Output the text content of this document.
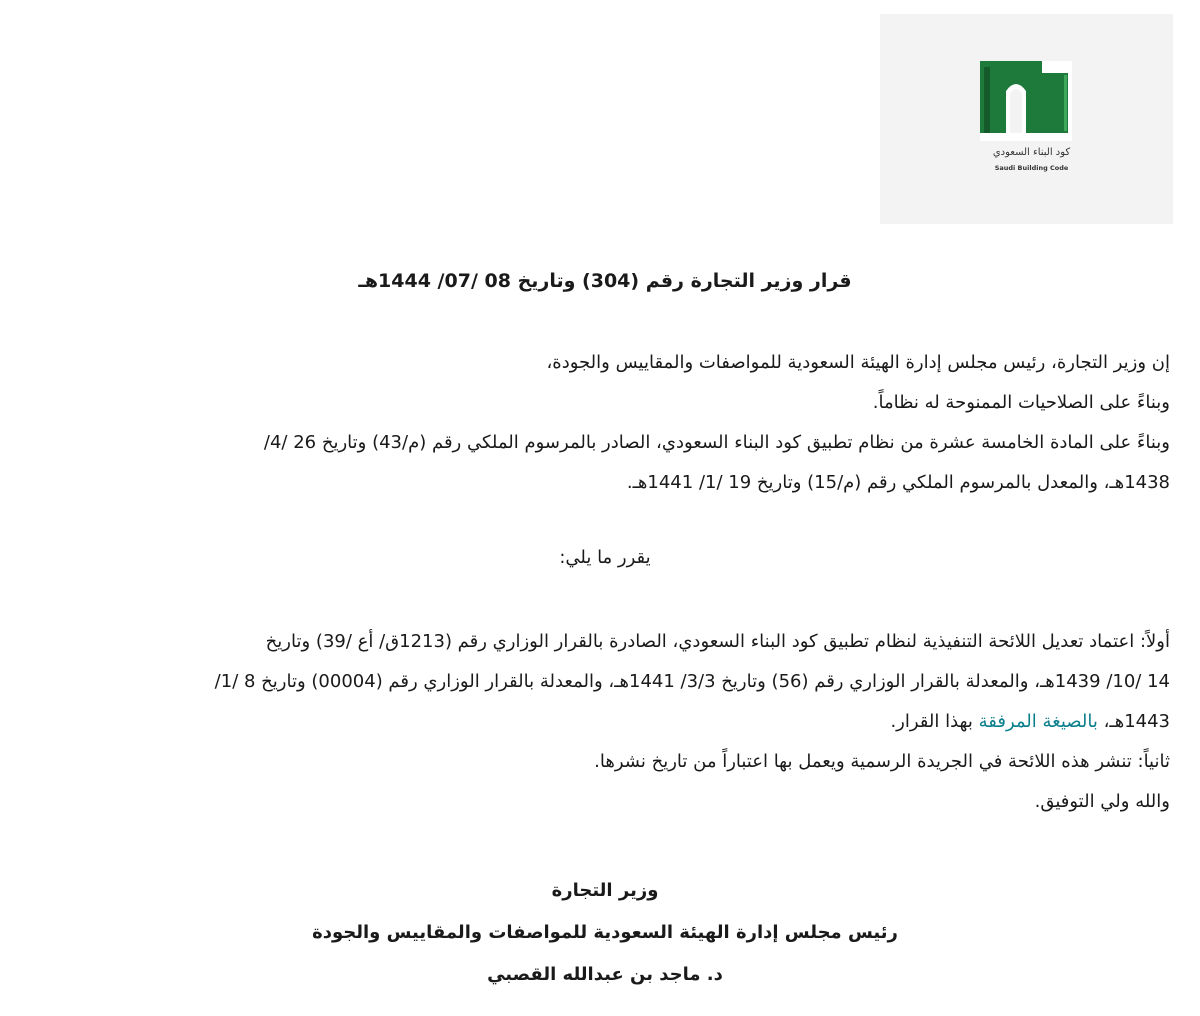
كود البناء السعودي
Saudi Building Code
قرار وزير التجارة رقم (304) وتاريخ 08 /07/ 1444هـ

إن وزير التجارة، رئيس مجلس إدارة الهيئة السعودية للمواصفات والمقاييس والجودة،

وبناءً على الصلاحيات الممنوحة له نظاماً.

وبناءً على المادة الخامسة عشرة من نظام تطبيق كود البناء السعودي، الصادر بالمرسوم الملكي رقم (م/43) وتاريخ 26 /4/

1438هـ، والمعدل بالمرسوم الملكي رقم (م/15) وتاريخ 19 /1/ 1441هـ.

يقرر ما يلي:

أولاً: اعتماد تعديل اللائحة التنفيذية لنظام تطبيق كود البناء السعودي، الصادرة بالقرار الوزاري رقم (1213ق/ أع /39) وتاريخ

14 /10/ 1439هـ، والمعدلة بالقرار الوزاري رقم (56) وتاريخ 3/3/ 1441هـ، والمعدلة بالقرار الوزاري رقم (00004) وتاريخ 8 /1/

1443هـ، بالصيغة المرفقة بهذا القرار.

ثانياً: تنشر هذه اللائحة في الجريدة الرسمية ويعمل بها اعتباراً من تاريخ نشرها.

والله ولي التوفيق.

وزير التجارة
رئيس مجلس إدارة الهيئة السعودية للمواصفات والمقاييس والجودة
د. ماجد بن عبدالله القصبي
